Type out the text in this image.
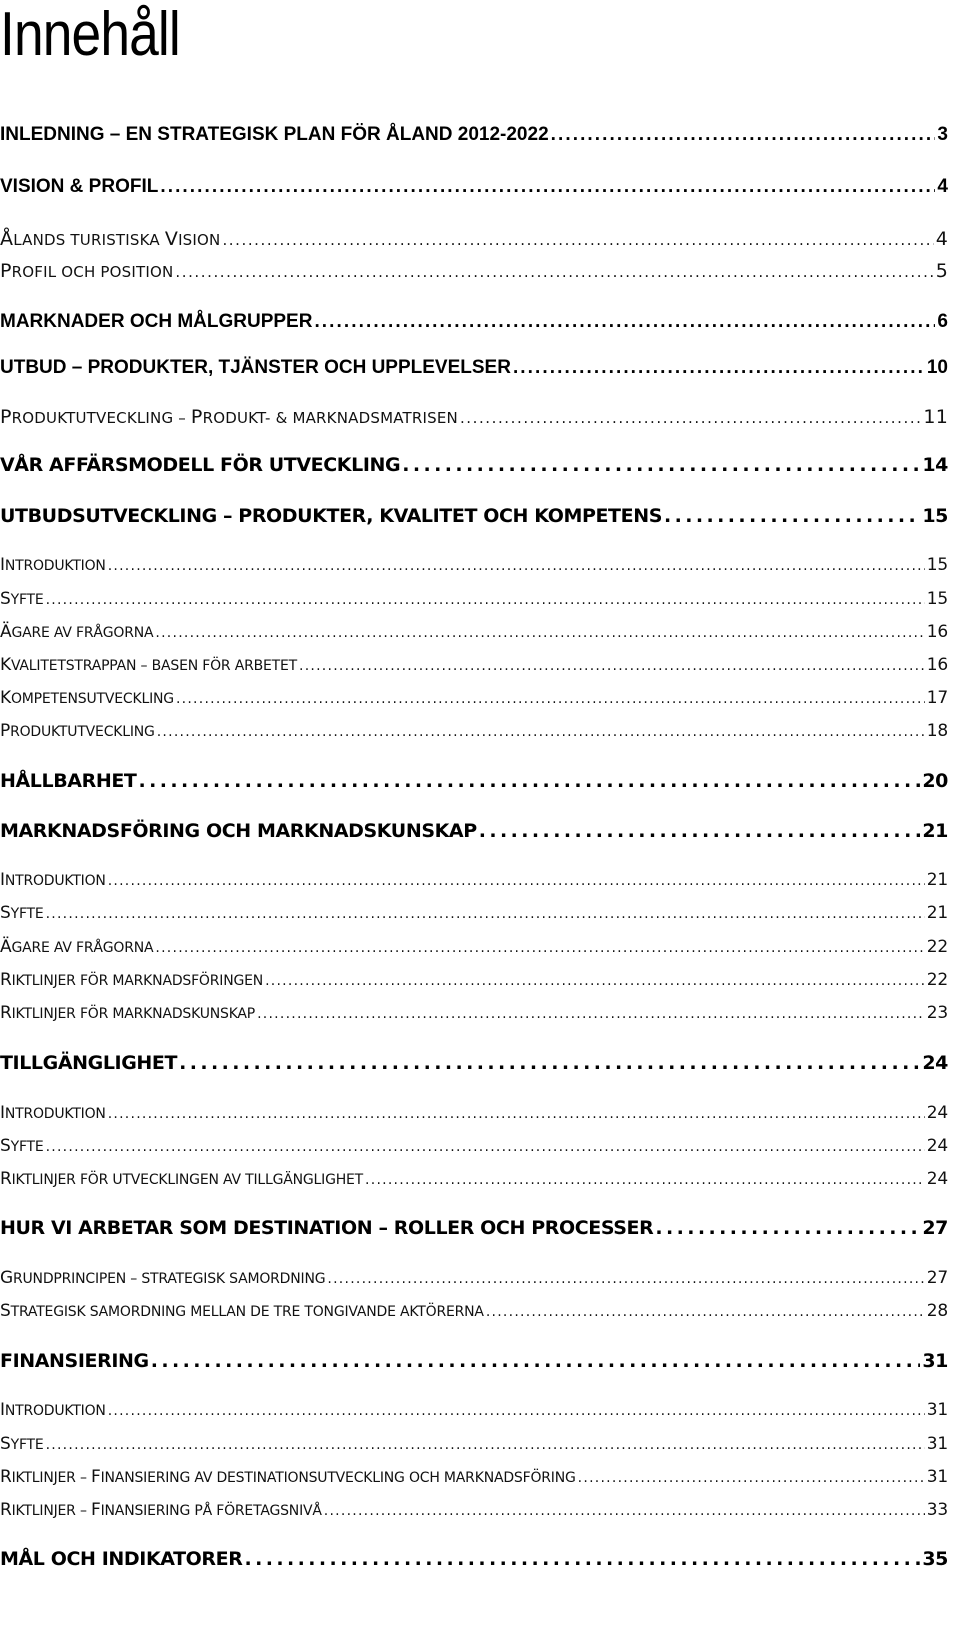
Innehåll
INLEDNING – EN STRATEGISK PLAN FÖR ÅLAND 2012-2022 . . .	3
VISION & PROFIL . . .	4
ÅLANDS TURISTISKA VISION . . .	4
PROFIL OCH POSITION . . .	5
MARKNADER OCH MÅLGRUPPER . . .	6
UTBUD – PRODUKTER, TJÄNSTER OCH UPPLEVELSER . . .	10
PRODUKTUTVECKLING – PRODUKT- & MARKNADSMATRISEN . . .	11
VÅR AFFÄRSMODELL FÖR UTVECKLING . . .	14
UTBUDSUTVECKLING – PRODUKTER, KVALITET OCH KOMPETENS . . .	15
INTRODUKTION . . .	15
SYFTE . . .	15
ÄGARE AV FRÅGORNA . . .	16
KVALITETSTRAPPAN – BASEN FÖR ARBETET . . .	16
KOMPETENSUTVECKLING . . .	17
PRODUKTUTVECKLING . . .	18
HÅLLBARHET . . .	20
MARKNADSFÖRING OCH MARKNADSKUNSKAP . . .	21
INTRODUKTION . . .	21
SYFTE . . .	21
ÄGARE AV FRÅGORNA . . .	22
RIKTLINJER FÖR MARKNADSFÖRINGEN . . .	22
RIKTLINJER FÖR MARKNADSKUNSKAP . . .	23
TILLGÄNGLIGHET . . .	24
INTRODUKTION . . .	24
SYFTE . . .	24
RIKTLINJER FÖR UTVECKLINGEN AV TILLGÄNGLIGHET . . .	24
HUR VI ARBETAR SOM DESTINATION – ROLLER OCH PROCESSER . . .	27
GRUNDPRINCIPEN – STRATEGISK SAMORDNING . . .	27
STRATEGISK SAMORDNING MELLAN DE TRE TONGIVANDE AKTÖRERNA . . .	28
FINANSIERING . . .	31
INTRODUKTION . . .	31
SYFTE . . .	31
RIKTLINJER – FINANSIERING AV DESTINATIONSUTVECKLING OCH MARKNADSFÖRING . . .	31
RIKTLINJER – FINANSIERING PÅ FÖRETAGSNIVÅ . . .	33
MÅL OCH INDIKATORER . . .	35
